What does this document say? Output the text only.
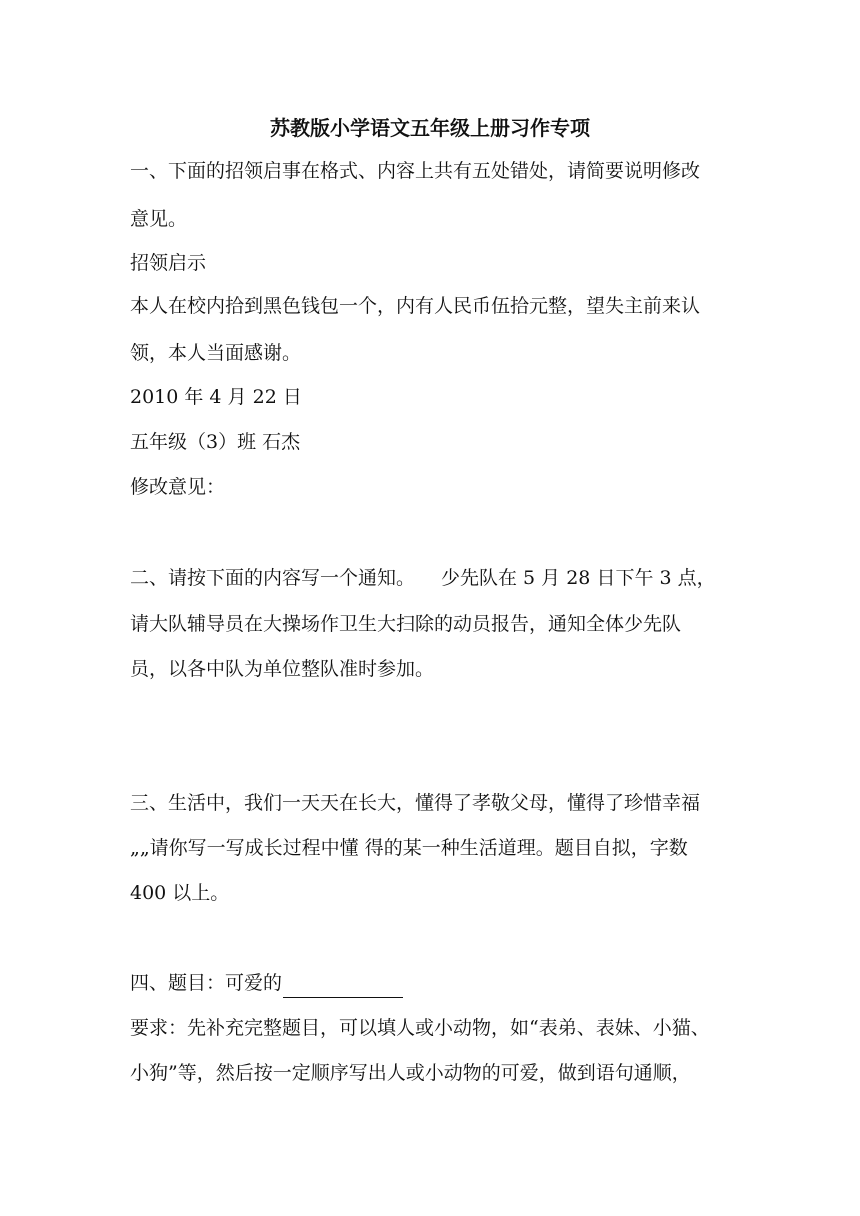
苏教版小学语文五年级上册习作专项

一、下面的招领启事在格式、内容上共有五处错处，请简要说明修改

意见。

招领启示

本人在校内拾到黑色钱包一个，内有人民币伍拾元整，望失主前来认

领，本人当面感谢。

2010 年 4 月 22 日

五年级（3）班 石杰

修改意见：

二、请按下面的内容写一个通知。 少先队在 5 月 28 日下午 3 点，

请大队辅导员在大操场作卫生大扫除的动员报告，通知全体少先队

员，以各中队为单位整队准时参加。

三、生活中，我们一天天在长大，懂得了孝敬父母，懂得了珍惜幸福

„„请你写一写成长过程中懂 得的某一种生活道理。题目自拟，字数

400 以上。

四、题目：可爱的

要求：先补充完整题目，可以填人或小动物，如“表弟、表妹、小猫、

小狗”等，然后按一定顺序写出人或小动物的可爱，做到语句通顺，
